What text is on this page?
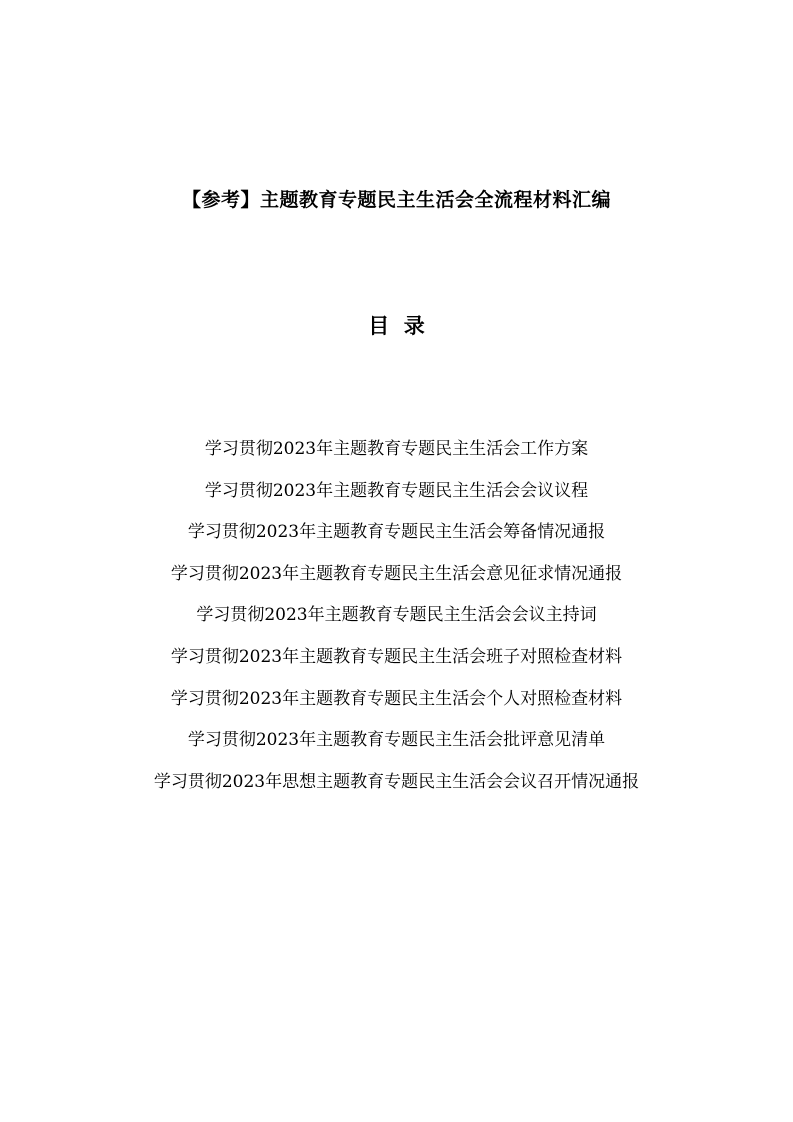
【参考】主题教育专题民主生活会全流程材料汇编
目  录
学习贯彻2023年主题教育专题民主生活会工作方案
学习贯彻2023年主题教育专题民主生活会会议议程
学习贯彻2023年主题教育专题民主生活会筹备情况通报
学习贯彻2023年主题教育专题民主生活会意见征求情况通报
学习贯彻2023年主题教育专题民主生活会会议主持词
学习贯彻2023年主题教育专题民主生活会班子对照检查材料
学习贯彻2023年主题教育专题民主生活会个人对照检查材料
学习贯彻2023年主题教育专题民主生活会批评意见清单
学习贯彻2023年思想主题教育专题民主生活会会议召开情况通报
